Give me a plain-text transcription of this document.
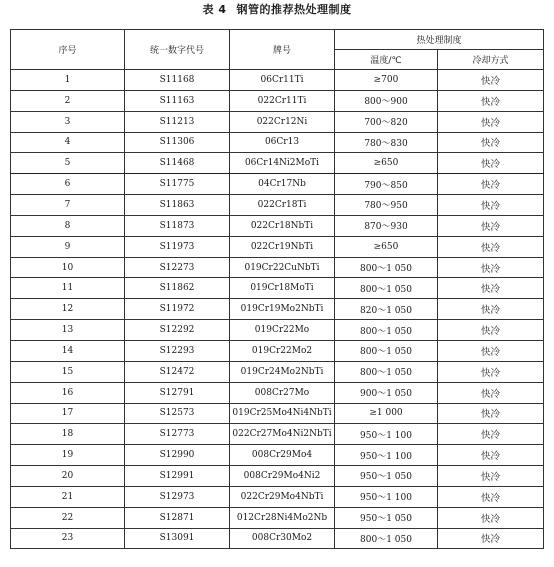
表 4 钢管的推荐热处理制度
序号	统一数字代号	牌号	热处理制度	
			温度/℃	冷却方式
1	S11168	06Cr11Ti	≥700	快冷
2	S11163	022Cr11Ti	800～900	快冷
3	S11213	022Cr12Ni	700～820	快冷
4	S11306	06Cr13	780～830	快冷
5	S11468	06Cr14Ni2MoTi	≥650	快冷
6	S11775	04Cr17Nb	790～850	快冷
7	S11863	022Cr18Ti	780～950	快冷
8	S11873	022Cr18NbTi	870～930	快冷
9	S11973	022Cr19NbTi	≥650	快冷
10	S12273	019Cr22CuNbTi	800～1 050	快冷
11	S11862	019Cr18MoTi	800～1 050	快冷
12	S11972	019Cr19Mo2NbTi	820～1 050	快冷
13	S12292	019Cr22Mo	800～1 050	快冷
14	S12293	019Cr22Mo2	800～1 050	快冷
15	S12472	019Cr24Mo2NbTi	800～1 050	快冷
16	S12791	008Cr27Mo	900～1 050	快冷
17	S12573	019Cr25Mo4Ni4NbTi	≥1 000	快冷
18	S12773	022Cr27Mo4Ni2NbTi	950～1 100	快冷
19	S12990	008Cr29Mo4	950～1 100	快冷
20	S12991	008Cr29Mo4Ni2	950～1 050	快冷
21	S12973	022Cr29Mo4NbTi	950～1 100	快冷
22	S12871	012Cr28Ni4Mo2Nb	950～1 050	快冷
23	S13091	008Cr30Mo2	800～1 050	快冷
